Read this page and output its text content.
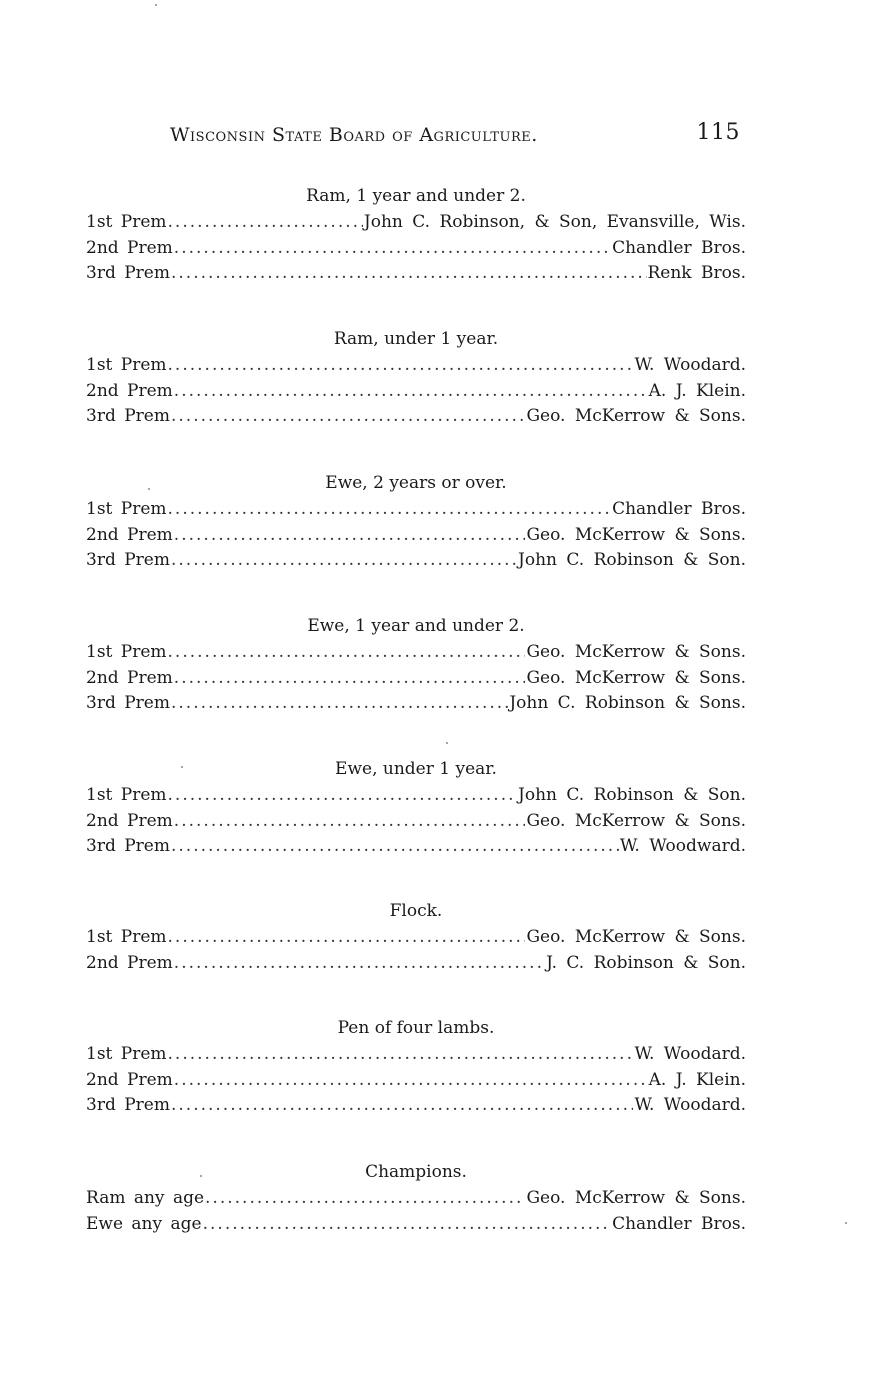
Wisconsin State Board of Agriculture.	115
Ram, 1 year and under 2.
1st Prem .....	John C. Robinson, & Son, Evansville, Wis.
2nd Prem .....	Chandler Bros.
3rd Prem .....	Renk Bros.
Ram, under 1 year.
1st Prem .....	W. Woodard.
2nd Prem .....	A. J. Klein.
3rd Prem .....	Geo. McKerrow & Sons.
Ewe, 2 years or over.
1st Prem .....	Chandler Bros.
2nd Prem .....	Geo. McKerrow & Sons.
3rd Prem .....	John C. Robinson & Son.
Ewe, 1 year and under 2.
1st Prem .....	Geo. McKerrow & Sons.
2nd Prem .....	Geo. McKerrow & Sons.
3rd Prem .....	John C. Robinson & Sons.
Ewe, under 1 year.
1st Prem .....	John C. Robinson & Son.
2nd Prem .....	Geo. McKerrow & Sons.
3rd Prem .....	W. Woodward.
Flock.
1st Prem .....	Geo. McKerrow & Sons.
2nd Prem .....	J. C. Robinson & Son.
Pen of four lambs.
1st Prem .....	W. Woodard.
2nd Prem .....	A. J. Klein.
3rd Prem .....	W. Woodard.
Champions.
Ram any age .....	Geo. McKerrow & Sons.
Ewe any age .....	Chandler Bros.
